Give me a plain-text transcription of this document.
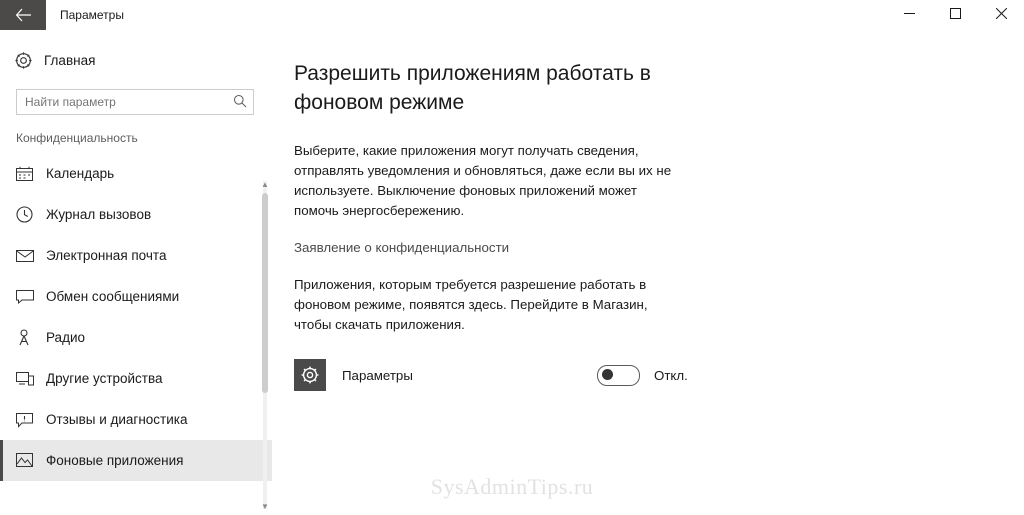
Параметры
Главная
Найти параметр
Конфиденциальность
Календарь
Журнал вызовов
Электронная почта
Обмен сообщениями
Радио
Другие устройства
Отзывы и диагностика
Фоновые приложения
▲
▼
Разрешить приложениям работать в фоновом режиме

Выберите, какие приложения могут получать сведения, отправлять уведомления и обновляться, даже если вы их не используете. Выключение фоновых приложений может помочь энергосбережению.

Заявление о конфиденциальности

Приложения, которым требуется разрешение работать в фоновом режиме, появятся здесь. Перейдите в Магазин, чтобы скачать приложения.

Параметры	Откл.
SysAdminTips.ru
